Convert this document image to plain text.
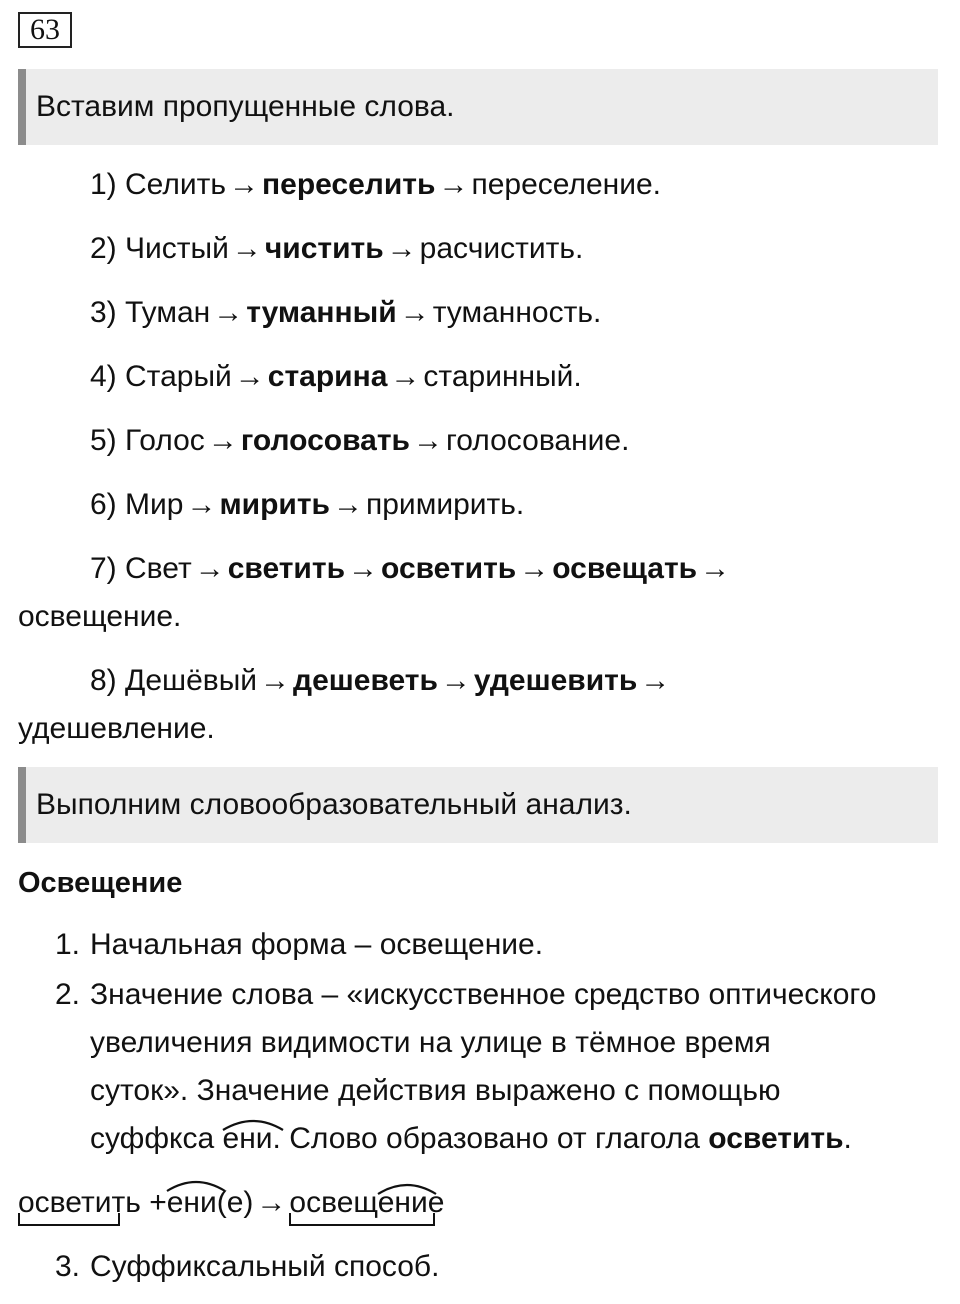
63
Вставим пропущенные слова.
1) Селить → переселить → переселение.
2) Чистый → чистить → расчистить.
3) Туман → туманный → туманность.
4) Старый → старина → старинный.
5) Голос → голосовать → голосование.
6) Мир → мирить → примирить.
7) Свет → светить → осветить → освещать →
освещение.
8) Дешёвый → дешеветь → удешевить →
удешевление.
Выполним словообразовательный анализ.
Освещение
1. Начальная форма – освещение.
2. Значение слова – «искусственное средство оптического
увеличения видимости на улице в тёмное время
суток». Значение действия выражено с помощью
суффкса ени
. Слово образовано от глагола осветить.
освети
ть +ени
(е) → освещени
е
3. Суффиксальный способ.
